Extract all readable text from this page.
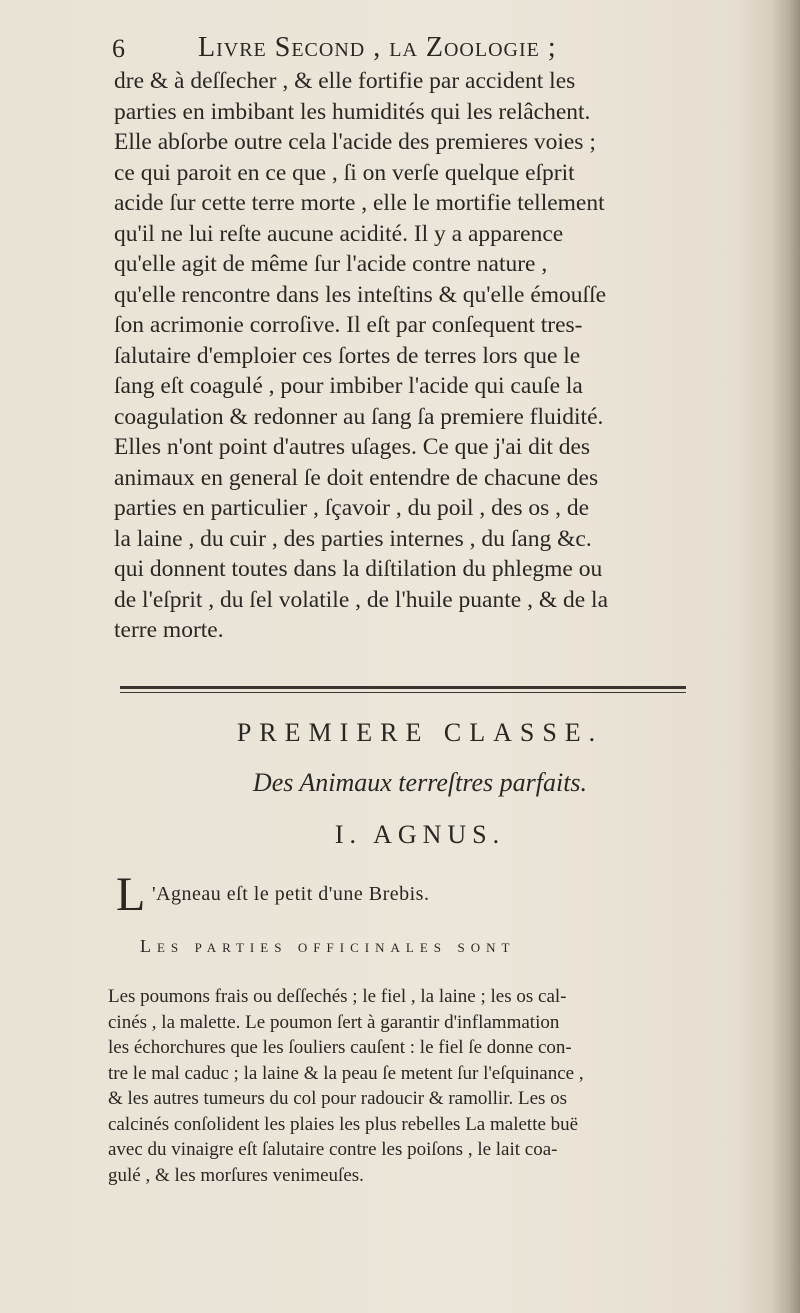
6	Livre Second , la Zoologie ;

dre & à deſſecher , & elle fortifie par accident les

parties en imbibant les humidités qui les relâchent.

Elle abſorbe outre cela l'acide des premieres voies ;

ce qui paroit en ce que , ſi on verſe quelque eſprit

acide ſur cette terre morte , elle le mortifie tellement

qu'il ne lui reſte aucune acidité. Il y a apparence

qu'elle agit de même ſur l'acide contre nature ,

qu'elle rencontre dans les inteſtins & qu'elle émouſſe

ſon acrimonie corroſive. Il eſt par conſequent tres-

ſalutaire d'emploier ces ſortes de terres lors que le

ſang eſt coagulé , pour imbiber l'acide qui cauſe la

coagulation & redonner au ſang ſa premiere fluidité.

Elles n'ont point d'autres uſages. Ce que j'ai dit des

animaux en general ſe doit entendre de chacune des

parties en particulier , ſçavoir , du poil , des os , de

la laine , du cuir , des parties internes , du ſang &c.

qui donnent toutes dans la diſtilation du phlegme ou

de l'eſprit , du ſel volatile , de l'huile puante , & de la

terre morte.

PREMIERE CLASSE.
Des Animaux terreſtres parfaits.
I. AGNUS.
L 'Agneau eſt le petit d'une Brebis.
Les parties officinales sont

Les poumons frais ou deſſechés ; le fiel , la laine ; les os cal-

cinés , la malette. Le poumon ſert à garantir d'inflammation

les échorchures que les ſouliers cauſent : le fiel ſe donne con-

tre le mal caduc ; la laine & la peau ſe metent ſur l'eſquinance ,

& les autres tumeurs du col pour radoucir & ramollir. Les os

calcinés conſolident les plaies les plus rebelles La malette buë

avec du vinaigre eſt ſalutaire contre les poiſons , le lait coa-

gulé , & les morſures venimeuſes.
